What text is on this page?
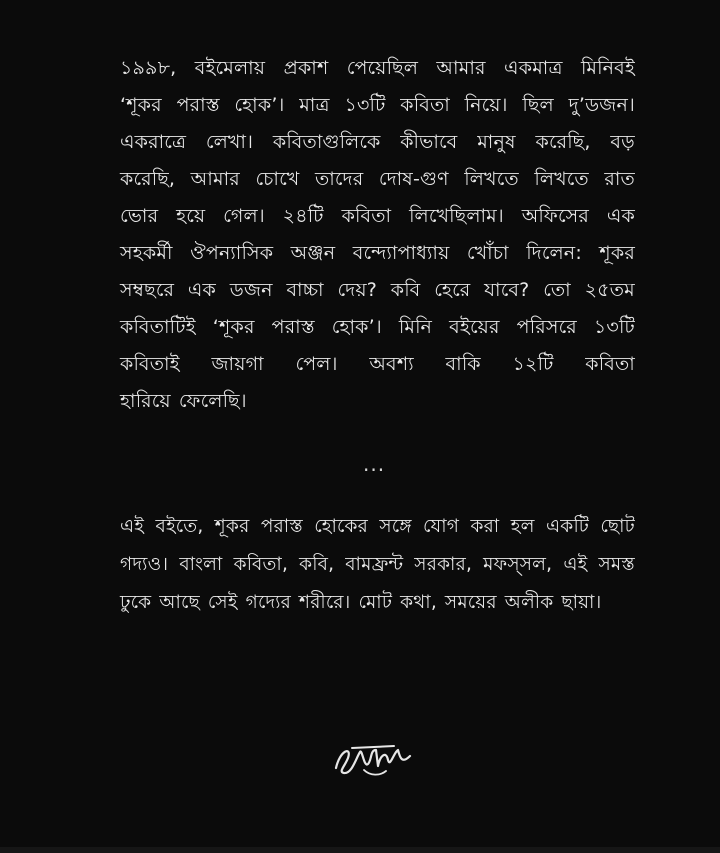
১৯৯৮, বইমেলায় প্রকাশ পেয়েছিল আমার একমাত্র মিনিবই
‘শূকর পরাস্ত হোক’। মাত্র ১৩টি কবিতা নিয়ে। ছিল দু’ডজন।
একরাত্রে লেখা। কবিতাগুলিকে কীভাবে মানুষ করেছি, বড়
করেছি, আমার চোখে তাদের দোষ-গুণ লিখতে লিখতে রাত
ভোর হয়ে গেল। ২৪টি কবিতা লিখেছিলাম। অফিসের এক
সহকর্মী ঔপন্যাসিক অঞ্জন বন্দ্যোপাধ্যায় খোঁচা দিলেন: শূকর
সম্বছরে এক ডজন বাচ্চা দেয়? কবি হেরে যাবে? তো ২৫তম
কবিতাটিই ‘শূকর পরাস্ত হোক’। মিনি বইয়ের পরিসরে ১৩টি
কবিতাই জায়গা পেল। অবশ্য বাকি ১২টি কবিতা
হারিয়ে ফেলেছি।
...
এই বইতে, শূকর পরাস্ত হোকের সঙ্গে যোগ করা হল একটি ছোট
গদ্যও। বাংলা কবিতা, কবি, বামফ্রন্ট সরকার, মফস্সল, এই সমস্ত
ঢুকে আছে সেই গদ্যের শরীরে। মোট কথা, সময়ের অলীক ছায়া।
